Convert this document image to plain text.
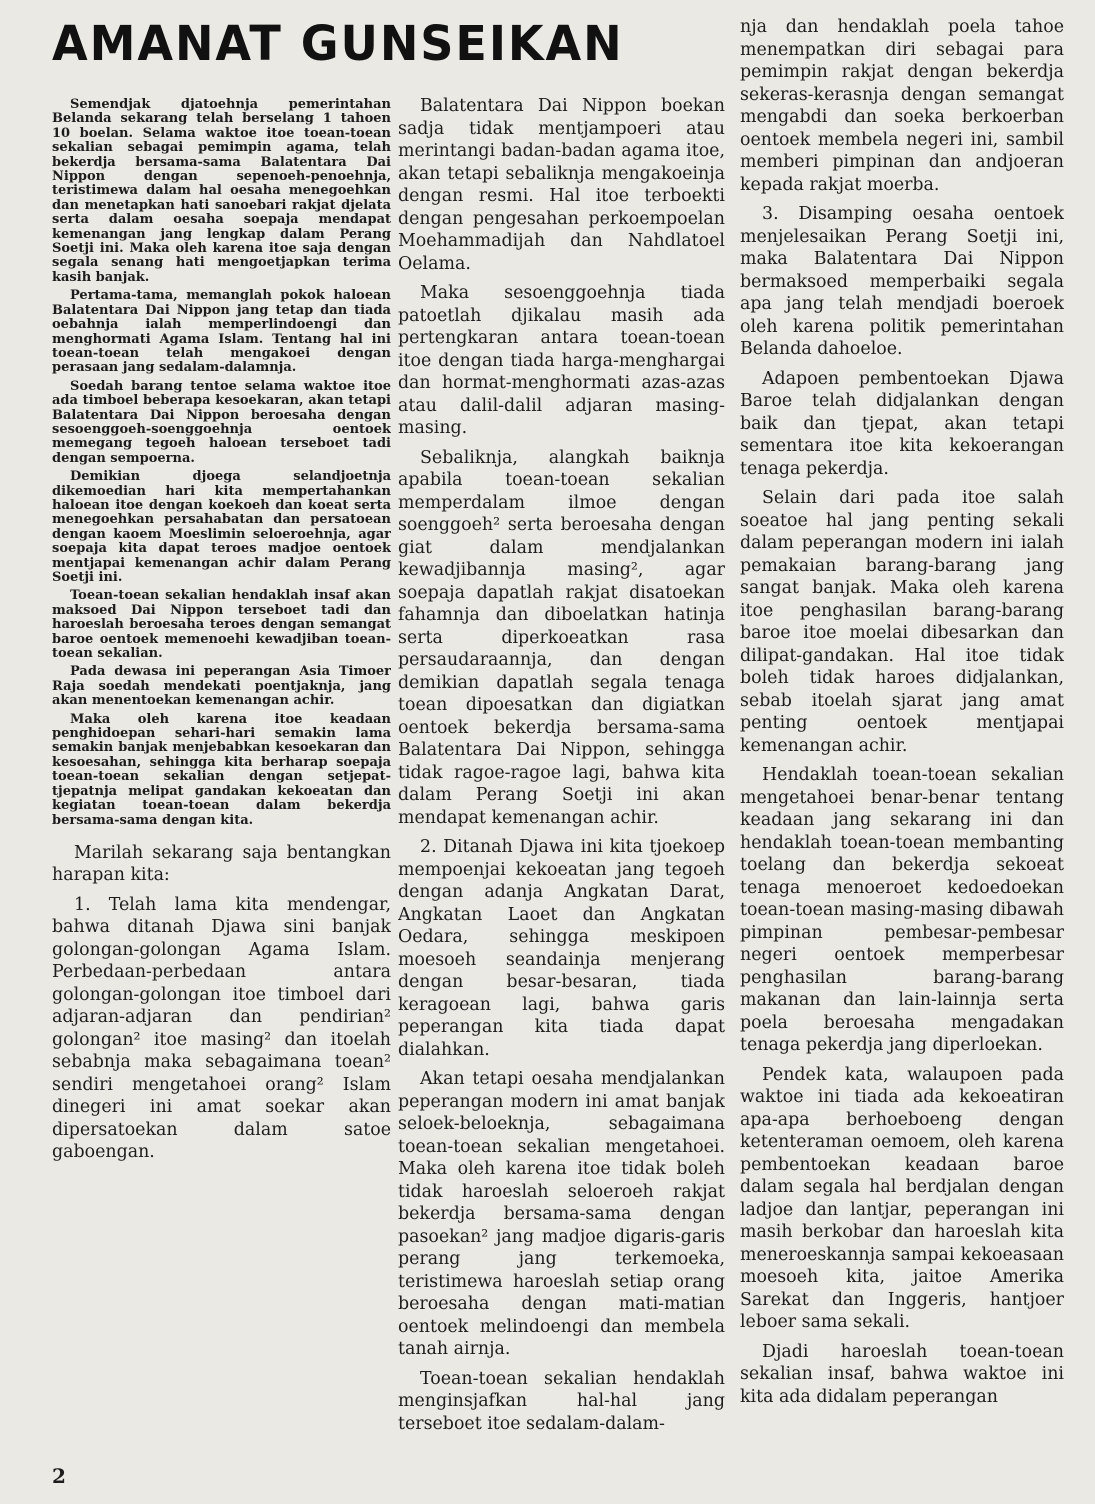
AMANAT GUNSEIKAN

Semendjak djatoehnja pemerintahan Belanda sekarang telah berselang 1 tahoen 10 boelan. Selama waktoe itoe toean-toean sekalian sebagai pemimpin agama, telah bekerdja bersama-sama Balatentara Dai Nippon dengan sepenoeh-penoehnja, teristimewa dalam hal oesaha menegoehkan dan menetapkan hati sanoebari rakjat djelata serta dalam oesaha soepaja mendapat kemenangan jang lengkap dalam Perang Soetji ini. Maka oleh karena itoe saja dengan segala senang hati mengoetjapkan terima kasih banjak.

Pertama-tama, memanglah pokok haloean Balatentara Dai Nippon jang tetap dan tiada oebahnja ialah memperlindoengi dan menghormati Agama Islam. Tentang hal ini toean-toean telah mengakoei dengan perasaan jang sedalam-dalamnja.

Soedah barang tentoe selama waktoe itoe ada timboel beberapa kesoekaran, akan tetapi Balatentara Dai Nippon beroesaha dengan sesoenggoeh-soenggoehnja oentoek memegang tegoeh haloean terseboet tadi dengan sempoerna.

Demikian djoega selandjoetnja dikemoedian hari kita mempertahankan haloean itoe dengan koekoeh dan koeat serta menegoehkan persahabatan dan persatoean dengan kaoem Moeslimin seloeroehnja, agar soepaja kita dapat teroes madjoe oentoek mentjapai kemenangan achir dalam Perang Soetji ini.

Toean-toean sekalian hendaklah insaf akan maksoed Dai Nippon terseboet tadi dan haroeslah beroesaha teroes dengan semangat baroe oentoek memenoehi kewadjiban toean-toean sekalian.

Pada dewasa ini peperangan Asia Timoer Raja soedah mendekati poentjaknja, jang akan menentoekan kemenangan achir.

Maka oleh karena itoe keadaan penghidoepan sehari-hari semakin lama semakin banjak menjebabkan kesoekaran dan kesoesahan, sehingga kita berharap soepaja toean-toean sekalian dengan setjepat-tjepatnja melipat gandakan kekoeatan dan kegiatan toean-toean dalam bekerdja bersama-sama dengan kita.

Marilah sekarang saja bentangkan harapan kita:

1. Telah lama kita mendengar, bahwa ditanah Djawa sini banjak golongan-golongan Agama Islam. Perbedaan-perbedaan antara golongan-golongan itoe timboel dari adjaran-adjaran dan pendirian² golongan² itoe masing² dan itoelah sebabnja maka sebagaimana toean² sendiri mengetahoei orang² Islam dinegeri ini amat soekar akan dipersatoekan dalam satoe gaboengan.

Balatentara Dai Nippon boekan sadja tidak mentjampoeri atau merintangi badan-badan agama itoe, akan tetapi sebaliknja mengakoeinja dengan resmi. Hal itoe terboekti dengan pengesahan perkoempoelan Moehammadijah dan Nahdlatoel Oelama.

Maka sesoenggoehnja tiada patoetlah djikalau masih ada pertengkaran antara toean-toean itoe dengan tiada harga-menghargai dan hormat-menghormati azas-azas atau dalil-dalil adjaran masing-masing.

Sebaliknja, alangkah baiknja apabila toean-toean sekalian memperdalam ilmoe dengan soenggoeh² serta beroesaha dengan giat dalam mendjalankan kewadjibannja masing², agar soepaja dapatlah rakjat disatoekan fahamnja dan diboelatkan hatinja serta diperkoeatkan rasa persaudaraannja, dan dengan demikian dapatlah segala tenaga toean dipoesatkan dan digiatkan oentoek bekerdja bersama-sama Balatentara Dai Nippon, sehingga tidak ragoe-ragoe lagi, bahwa kita dalam Perang Soetji ini akan mendapat kemenangan achir.

2. Ditanah Djawa ini kita tjoekoep mempoenjai kekoeatan jang tegoeh dengan adanja Angkatan Darat, Angkatan Laoet dan Angkatan Oedara, sehingga meskipoen moesoeh seandainja menjerang dengan besar-besaran, tiada keragoean lagi, bahwa garis peperangan kita tiada dapat dialahkan.

Akan tetapi oesaha mendjalankan peperangan modern ini amat banjak seloek-beloeknja, sebagaimana toean-toean sekalian mengetahoei. Maka oleh karena itoe tidak boleh tidak haroeslah seloeroeh rakjat bekerdja bersama-sama dengan pasoekan² jang madjoe digaris-garis perang jang terkemoeka, teristimewa haroeslah setiap orang beroesaha dengan mati-matian oentoek melindoengi dan membela tanah airnja.

Toean-toean sekalian hendaklah menginsjafkan hal-hal jang terseboet itoe sedalam-dalam-

nja dan hendaklah poela tahoe menempatkan diri sebagai para pemimpin rakjat dengan bekerdja sekeras-kerasnja dengan semangat mengabdi dan soeka berkoerban oentoek membela negeri ini, sambil memberi pimpinan dan andjoeran kepada rakjat moerba.

3. Disamping oesaha oentoek menjelesaikan Perang Soetji ini, maka Balatentara Dai Nippon bermaksoed memperbaiki segala apa jang telah mendjadi boeroek oleh karena politik pemerintahan Belanda dahoeloe.

Adapoen pembentoekan Djawa Baroe telah didjalankan dengan baik dan tjepat, akan tetapi sementara itoe kita kekoerangan tenaga pekerdja.

Selain dari pada itoe salah soeatoe hal jang penting sekali dalam peperangan modern ini ialah pemakaian barang-barang jang sangat banjak. Maka oleh karena itoe penghasilan barang-barang baroe itoe moelai dibesarkan dan dilipat-gandakan. Hal itoe tidak boleh tidak haroes didjalankan, sebab itoelah sjarat jang amat penting oentoek mentjapai kemenangan achir.

Hendaklah toean-toean sekalian mengetahoei benar-benar tentang keadaan jang sekarang ini dan hendaklah toean-toean membanting toelang dan bekerdja sekoeat tenaga menoeroet kedoedoekan toean-toean masing-masing dibawah pimpinan pembesar-pembesar negeri oentoek memperbesar penghasilan barang-barang makanan dan lain-lainnja serta poela beroesaha mengadakan tenaga pekerdja jang diperloekan.

Pendek kata, walaupoen pada waktoe ini tiada ada kekoeatiran apa-apa berhoeboeng dengan ketenteraman oemoem, oleh karena pembentoekan keadaan baroe dalam segala hal berdjalan dengan ladjoe dan lantjar, peperangan ini masih berkobar dan haroeslah kita meneroeskannja sampai kekoeasaan moesoeh kita, jaitoe Amerika Sarekat dan Inggeris, hantjoer leboer sama sekali.

Djadi haroeslah toean-toean sekalian insaf, bahwa waktoe ini kita ada didalam peperangan

2
